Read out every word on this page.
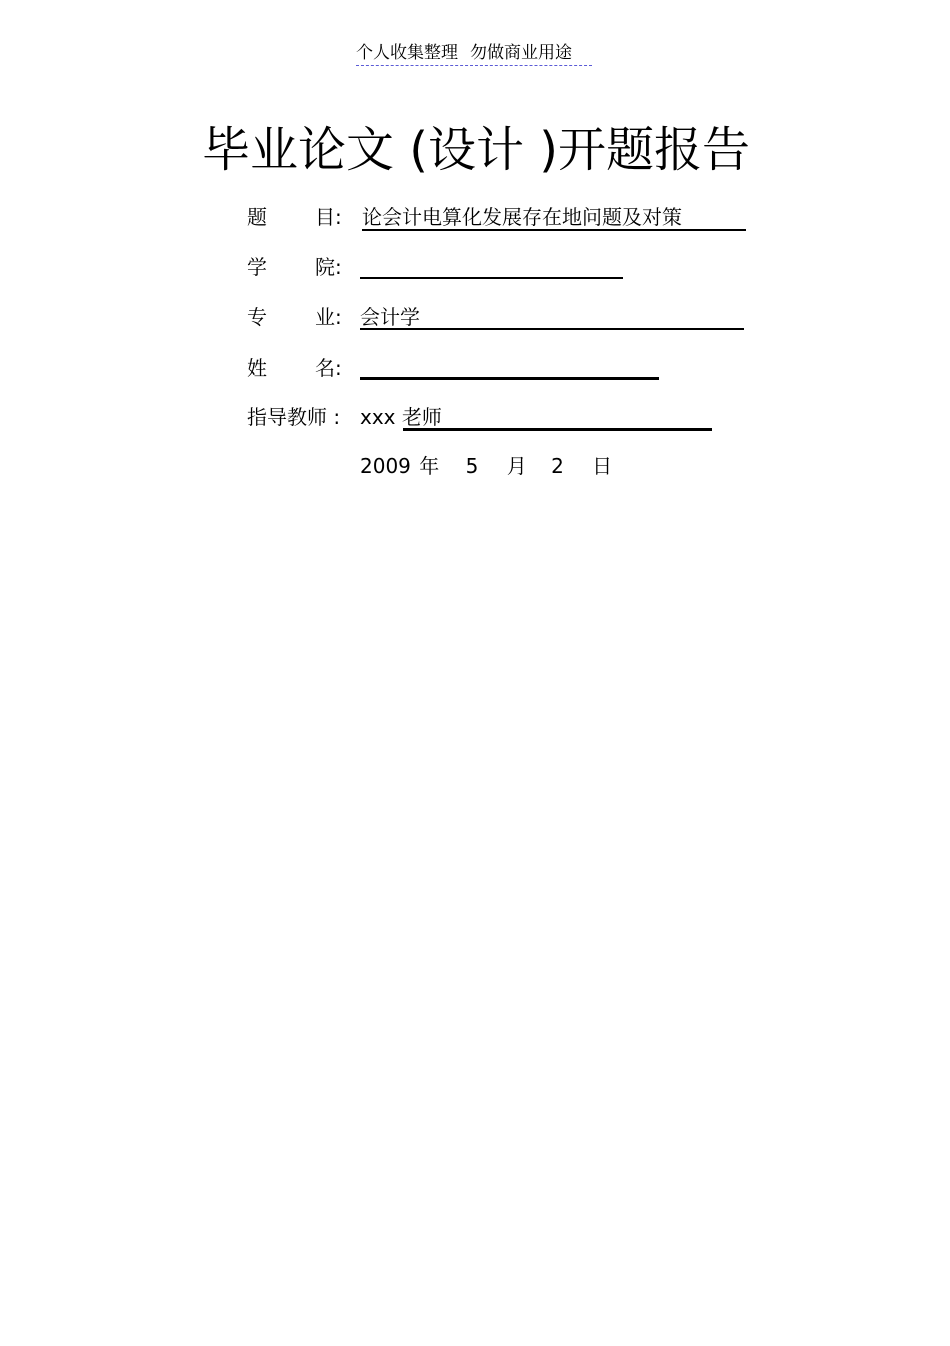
个人收集整理 勿做商业用途
毕业论文 (设计 )开题报告
题 目: 论会计电算化发展存在地问题及对策
学 院:
专 业: 会计学
姓 名:
指导教师 : xxx 老师
2009 年 5 月 2 日
